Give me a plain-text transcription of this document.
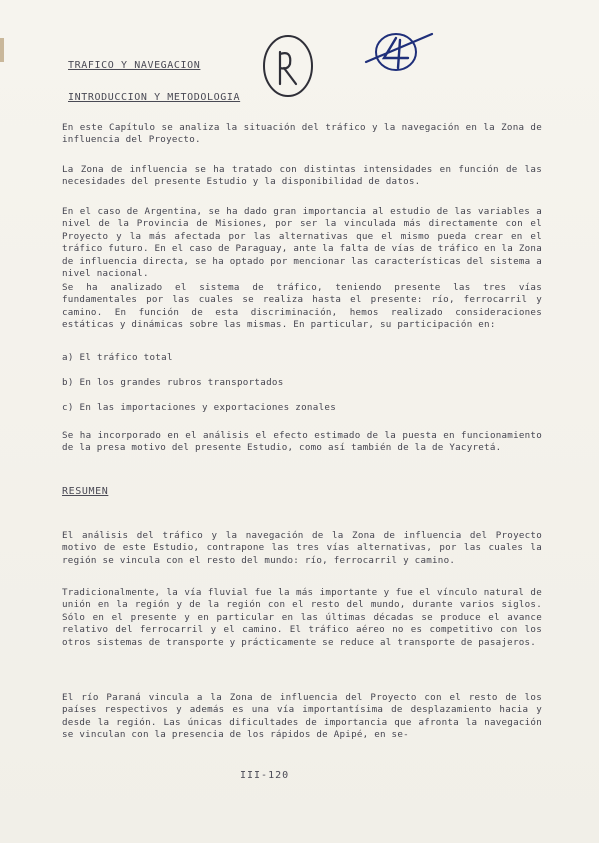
TRAFICO Y NAVEGACION
INTRODUCCION Y METODOLOGIA

En este Capítulo se analiza la situación del tráfico y la navegación en la Zona de influencia del Proyecto.

La Zona de influencia se ha tratado con distintas intensidades en función de las necesidades del presente Estudio y la disponibilidad de datos.

En el caso de Argentina, se ha dado gran importancia al estudio de las variables a nivel de la Provincia de Misiones, por ser la vinculada más directamente con el Proyecto y la más afectada por las alternativas que el mismo pueda crear en el tráfico futuro. En el caso de Paraguay, ante la falta de vías de tráfico en la Zona de influencia directa, se ha optado por mencionar las características del sistema a nivel nacional.

Se ha analizado el sistema de tráfico, teniendo presente las tres vías fundamentales por las cuales se realiza hasta el presente: río, ferrocarril y camino. En función de esta discriminación, hemos realizado consideraciones estáticas y dinámicas sobre las mismas. En particular, su participación en:

a) El tráfico total
b) En los grandes rubros transportados
c) En las importaciones y exportaciones zonales

Se ha incorporado en el análisis el efecto estimado de la puesta en funcionamiento de la presa motivo del presente Estudio, como así también de la de Yacyretá.

RESUMEN

El análisis del tráfico y la navegación de la Zona de influencia del Proyecto motivo de este Estudio, contrapone las tres vías alternativas, por las cuales la región se vincula con el resto del mundo: río, ferrocarril y camino.

Tradicionalmente, la vía fluvial fue la más importante y fue el vínculo natural de unión en la región y de la región con el resto del mundo, durante varios siglos. Sólo en el presente y en particular en las últimas décadas se produce el avance relativo del ferrocarril y el camino. El tráfico aéreo no es competitivo con los otros sistemas de transporte y prácticamente se reduce al transporte de pasajeros.

El río Paraná vincula a la Zona de influencia del Proyecto con el resto de los países respectivos y además es una vía importantísima de desplazamiento hacia y desde la región. Las únicas dificultades de importancia que afronta la navegación se vinculan con la presencia de los rápidos de Apipé, en se-

III-120
